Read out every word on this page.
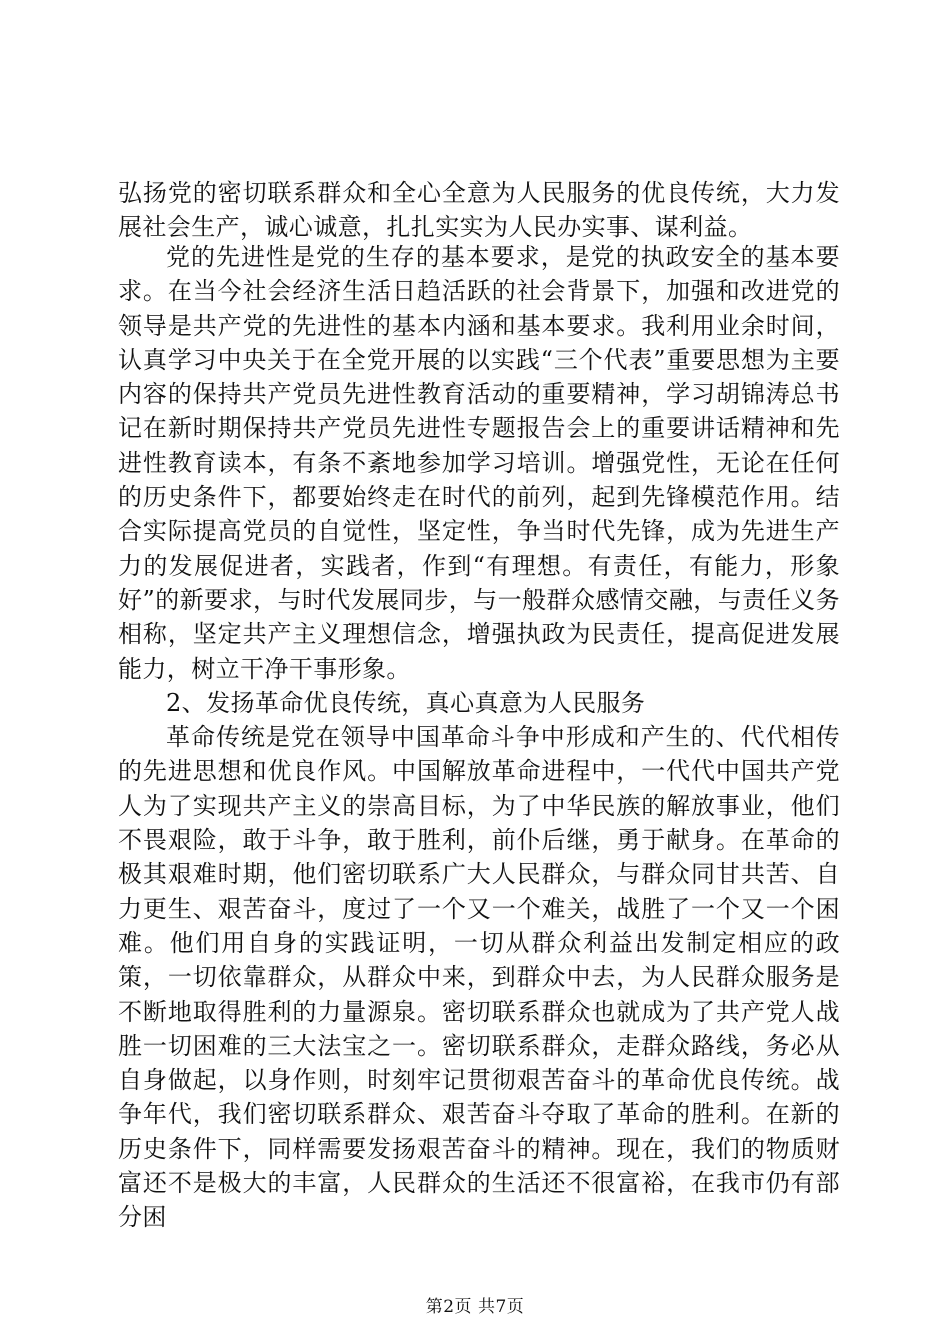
弘扬党的密切联系群众和全心全意为人民服务的优良传统，大力发展社会生产，诚心诚意，扎扎实实为人民办实事、谋利益。

党的先进性是党的生存的基本要求，是党的执政安全的基本要求。在当今社会经济生活日趋活跃的社会背景下，加强和改进党的领导是共产党的先进性的基本内涵和基本要求。我利用业余时间，认真学习中央关于在全党开展的以实践“三个代表”重要思想为主要内容的保持共产党员先进性教育活动的重要精神，学习胡锦涛总书记在新时期保持共产党员先进性专题报告会上的重要讲话精神和先进性教育读本，有条不紊地参加学习培训。增强党性，无论在任何的历史条件下，都要始终走在时代的前列，起到先锋模范作用。结合实际提高党员的自觉性，坚定性，争当时代先锋，成为先进生产力的发展促进者，实践者，作到“有理想。有责任，有能力，形象好”的新要求，与时代发展同步，与一般群众感情交融，与责任义务相称，坚定共产主义理想信念，增强执政为民责任，提高促进发展能力，树立干净干事形象。

2、发扬革命优良传统，真心真意为人民服务

革命传统是党在领导中国革命斗争中形成和产生的、代代相传的先进思想和优良作风。中国解放革命进程中，一代代中国共产党人为了实现共产主义的崇高目标，为了中华民族的解放事业，他们不畏艰险，敢于斗争，敢于胜利，前仆后继，勇于献身。在革命的极其艰难时期，他们密切联系广大人民群众，与群众同甘共苦、自力更生、艰苦奋斗，度过了一个又一个难关，战胜了一个又一个困难。他们用自身的实践证明，一切从群众利益出发制定相应的政策，一切依靠群众，从群众中来，到群众中去，为人民群众服务是不断地取得胜利的力量源泉。密切联系群众也就成为了共产党人战胜一切困难的三大法宝之一。密切联系群众，走群众路线，务必从自身做起，以身作则，时刻牢记贯彻艰苦奋斗的革命优良传统。战争年代，我们密切联系群众、艰苦奋斗夺取了革命的胜利。在新的历史条件下，同样需要发扬艰苦奋斗的精神。现在，我们的物质财富还不是极大的丰富，人民群众的生活还不很富裕，在我市仍有部分困

第2页 共7页
